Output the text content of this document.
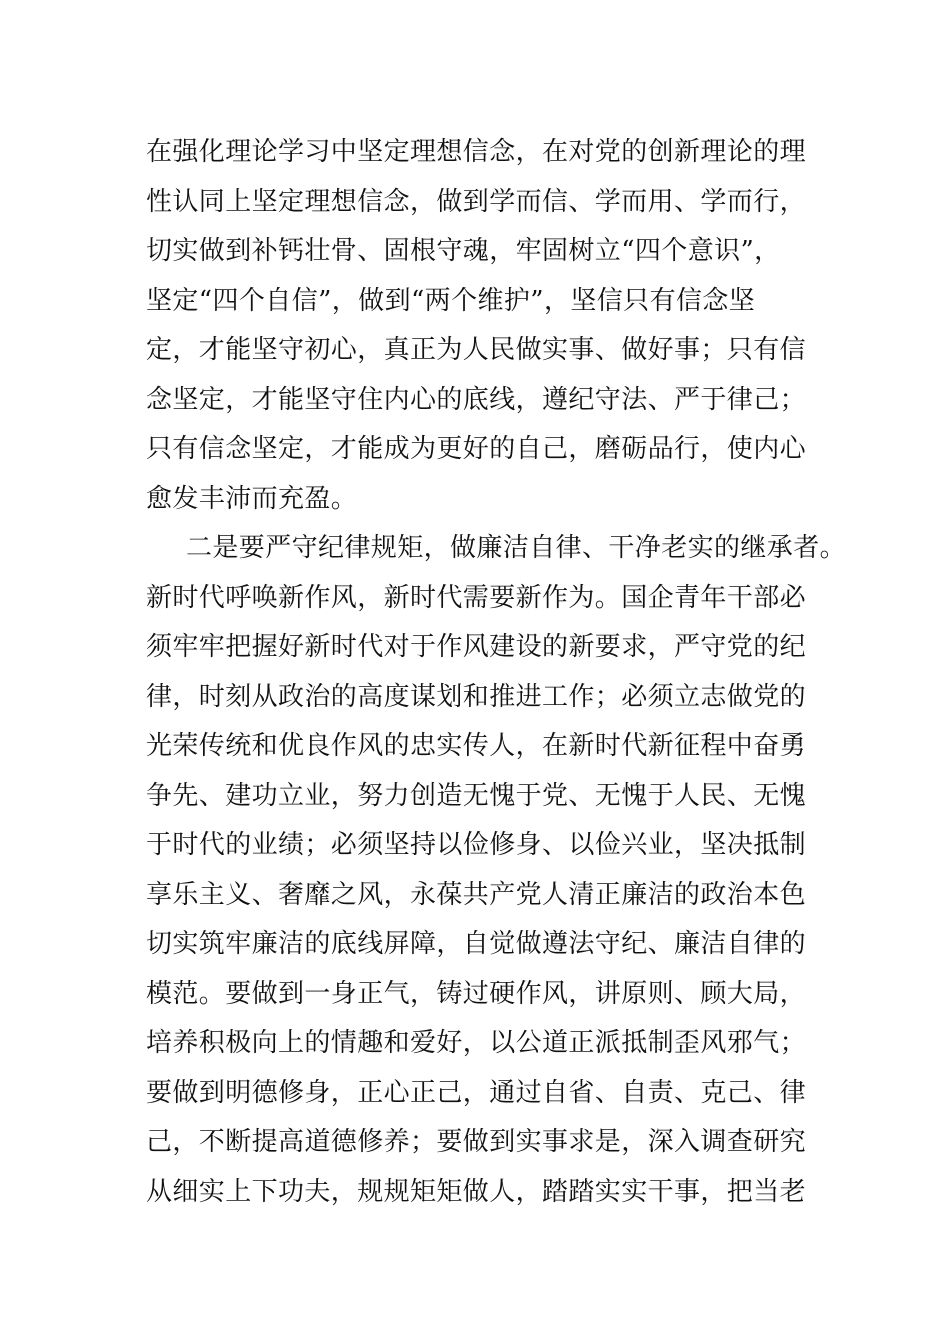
在强化理论学习中坚定理想信念，在对党的创新理论的理
性认同上坚定理想信念，做到学而信、学而用、学而行，
切实做到补钙壮骨、固根守魂，牢固树立“四个意识”，
坚定“四个自信”，做到“两个维护”，坚信只有信念坚
定，才能坚守初心，真正为人民做实事、做好事；只有信
念坚定，才能坚守住内心的底线，遵纪守法、严于律己；
只有信念坚定，才能成为更好的自己，磨砺品行，使内心
愈发丰沛而充盈。
二是要严守纪律规矩，做廉洁自律、干净老实的继承者。
新时代呼唤新作风，新时代需要新作为。国企青年干部必
须牢牢把握好新时代对于作风建设的新要求，严守党的纪
律，时刻从政治的高度谋划和推进工作；必须立志做党的
光荣传统和优良作风的忠实传人，在新时代新征程中奋勇
争先、建功立业，努力创造无愧于党、无愧于人民、无愧
于时代的业绩；必须坚持以俭修身、以俭兴业，坚决抵制
享乐主义、奢靡之风，永葆共产党人清正廉洁的政治本色
切实筑牢廉洁的底线屏障，自觉做遵法守纪、廉洁自律的
模范。要做到一身正气，铸过硬作风，讲原则、顾大局，
培养积极向上的情趣和爱好，以公道正派抵制歪风邪气；
要做到明德修身，正心正己，通过自省、自责、克己、律
己，不断提高道德修养；要做到实事求是，深入调查研究
从细实上下功夫，规规矩矩做人，踏踏实实干事，把当老
